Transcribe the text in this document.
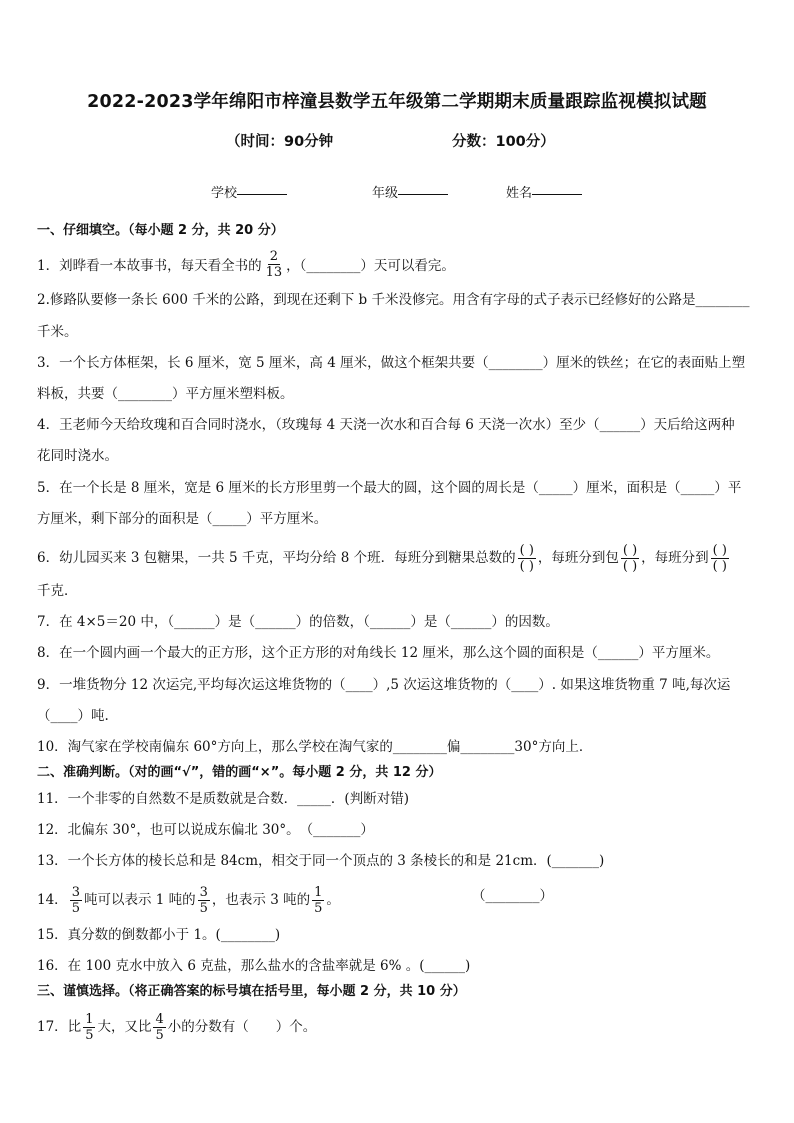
2022-2023学年绵阳市梓潼县数学五年级第二学期期末质量跟踪监视模拟试题
（时间：90分钟	分数：100分）
学校	年级	姓名
一、仔细填空。（每小题 2 分，共 20 分）
1．刘晔看一本故事书，每天看全书的 $\frac{2}{13}$ ，（________）天可以看完。
2.修路队要修一条长 600 千米的公路，到现在还剩下 b 千米没修完。用含有字母的式子表示已经修好的公路是________
千米。
3．一个长方体框架，长 6 厘米，宽 5 厘米，高 4 厘米，做这个框架共要（________）厘米的铁丝；在它的表面贴上塑
料板，共要（________）平方厘米塑料板。
4．王老师今天给玫瑰和百合同时浇水，（玫瑰每 4 天浇一次水和百合每 6 天浇一次水）至少（______）天后给这两种
花同时浇水。
5．在一个长是 8 厘米，宽是 6 厘米的长方形里剪一个最大的圆，这个圆的周长是（_____）厘米，面积是（_____）平
方厘米，剩下部分的面积是（_____）平方厘米。
6．幼儿园买来 3 包糖果，一共 5 千克，平均分给 8 个班．每班分到糖果总数的 $\frac{( )}{( )}$ ，每班分到包 $\frac{( )}{( )}$ ，每班分到 $\frac{( )}{( )}$
千克．
7．在 4×5＝20 中，（______）是（______）的倍数，（______）是（______）的因数。
8．在一个圆内画一个最大的正方形，这个正方形的对角线长 12 厘米，那么这个圆的面积是（______）平方厘米。
9．一堆货物分 12 次运完,平均每次运这堆货物的（____）,5 次运这堆货物的（____）. 如果这堆货物重 7 吨,每次运
（____）吨.
10．淘气家在学校南偏东 60°方向上，那么学校在淘气家的________偏________30°方向上．
二、准确判断。（对的画“√”，错的画“×”。每小题 2 分，共 12 分）
11．一个非零的自然数不是质数就是合数．_____．(判断对错)
12．北偏东 30°，也可以说成东偏北 30°。　（_______）
13．一个长方体的棱长总和是 84cm，相交于同一个顶点的 3 条棱长的和是 21cm．(_______)
14． $\frac{3}{5}$ 吨可以表示 1 吨的 $\frac{3}{5}$ ，也表示 3 吨的 $\frac{1}{5}$ 。	（________）
15．真分数的倒数都小于 1。(________)
16．在 100 克水中放入 6 克盐，那么盐水的含盐率就是 6% 。(______)
三、谨慎选择。（将正确答案的标号填在括号里，每小题 2 分，共 10 分）
17．比 $\frac{1}{5}$ 大，又比 $\frac{4}{5}$ 小的分数有（　　）个。
